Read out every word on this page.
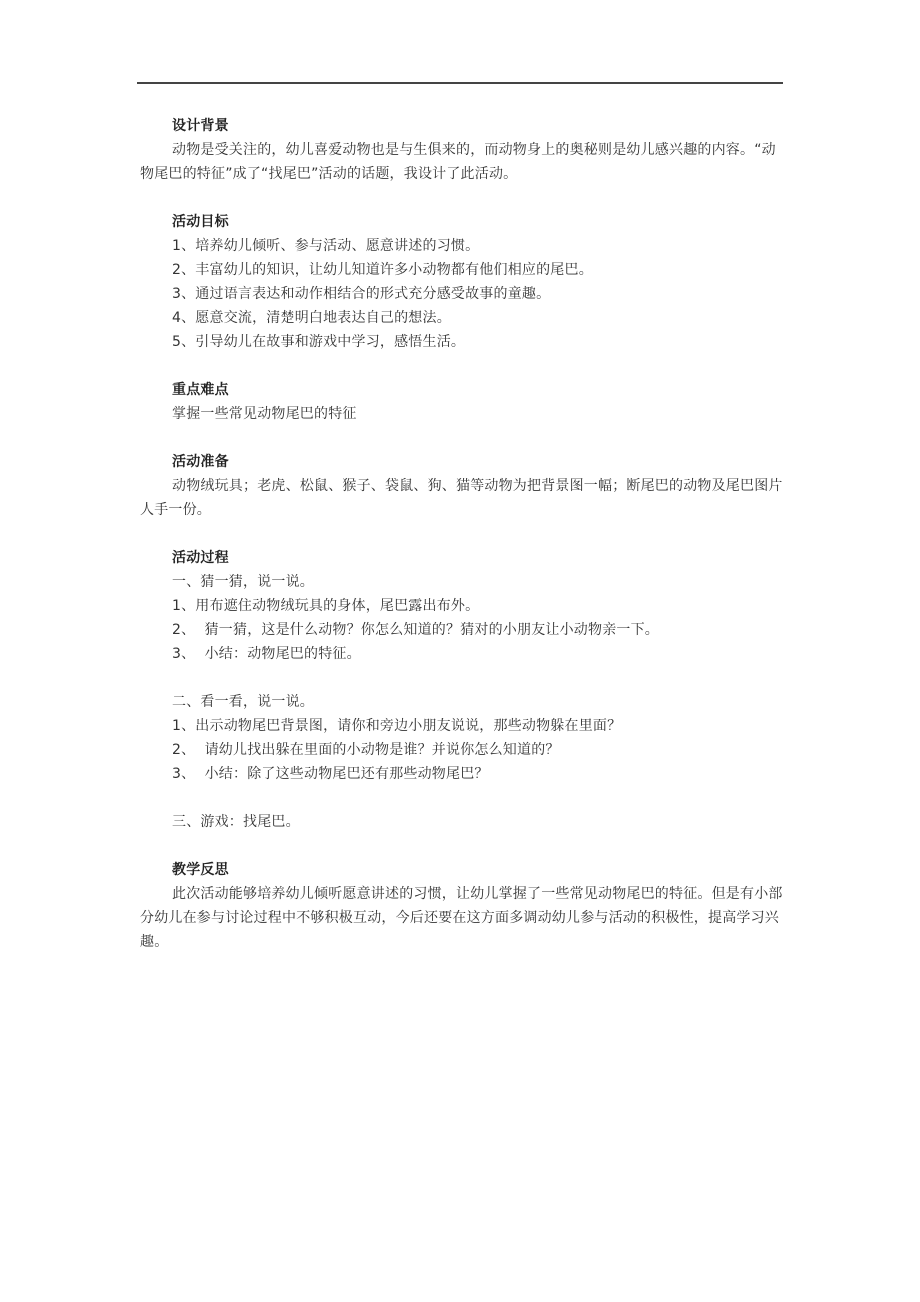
设计背景
动物是受关注的，幼儿喜爱动物也是与生俱来的，而动物身上的奥秘则是幼儿感兴趣的内容。“动物尾巴的特征”成了“找尾巴”活动的话题，我设计了此活动。
活动目标
1、培养幼儿倾听、参与活动、愿意讲述的习惯。
2、丰富幼儿的知识，让幼儿知道许多小动物都有他们相应的尾巴。
3、通过语言表达和动作相结合的形式充分感受故事的童趣。
4、愿意交流，清楚明白地表达自己的想法。
5、引导幼儿在故事和游戏中学习，感悟生活。
重点难点
掌握一些常见动物尾巴的特征
活动准备
动物绒玩具；老虎、松鼠、猴子、袋鼠、狗、猫等动物为把背景图一幅；断尾巴的动物及尾巴图片人手一份。
活动过程
一、猜一猜，说一说。
1、用布遮住动物绒玩具的身体，尾巴露出布外。
2、  猜一猜，这是什么动物？你怎么知道的？猜对的小朋友让小动物亲一下。
3、  小结：动物尾巴的特征。
二、看一看，说一说。
1、出示动物尾巴背景图，请你和旁边小朋友说说，那些动物躲在里面？
2、  请幼儿找出躲在里面的小动物是谁？并说你怎么知道的？
3、  小结：除了这些动物尾巴还有那些动物尾巴？
三、游戏：找尾巴。
教学反思
此次活动能够培养幼儿倾听愿意讲述的习惯，让幼儿掌握了一些常见动物尾巴的特征。但是有小部分幼儿在参与讨论过程中不够积极互动，今后还要在这方面多调动幼儿参与活动的积极性，提高学习兴趣。
